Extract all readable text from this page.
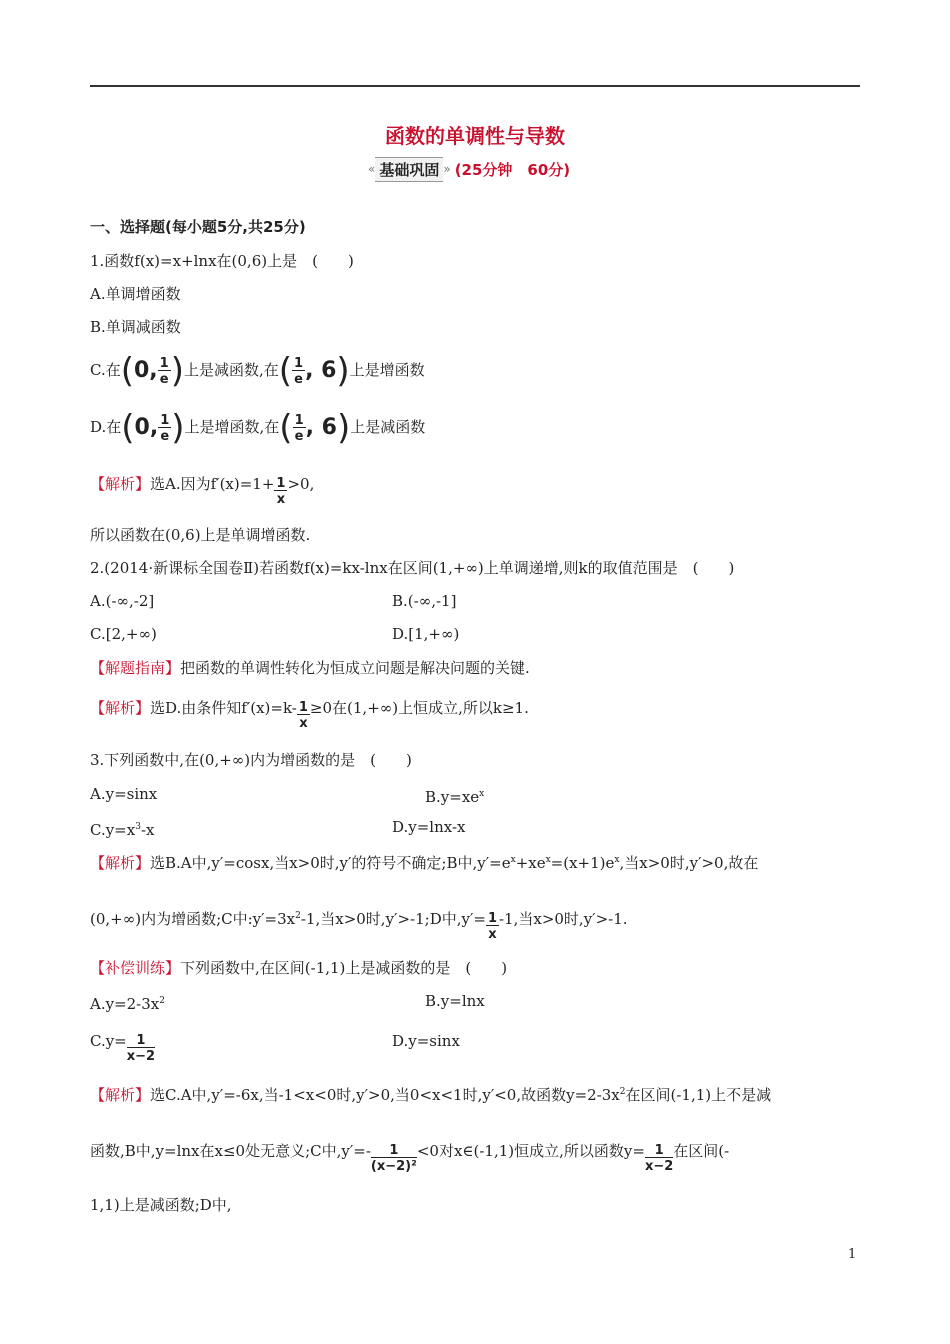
函数的单调性与导数
« 基础巩固 » (25分钟　60分)
一、选择题(每小题5分,共25分)
1.函数f(x)=x+lnx在(0,6)上是　(　　)
A.单调增函数
B.单调减函数
C.在(0, $\frac{1}{e}$ )上是减函数,在( $\frac{1}{e}$ , 6)上是增函数
D.在(0, $\frac{1}{e}$ )上是增函数,在( $\frac{1}{e}$ , 6)上是减函数
【解析】选A.因为$f'(x)=1+ \frac{1}{x} >0$,
所以函数在(0,6)上是单调增函数.
2.(2014·新课标全国卷Ⅱ)若函数f(x)=kx-lnx在区间(1,+∞)上单调递增,则k的取值范围是　(　　)
A.(-∞,-2]	B.(-∞,-1]
C.[2,+∞)	D.[1,+∞)
【解题指南】把函数的单调性转化为恒成立问题是解决问题的关键.
【解析】选D.由条件知$f'(x)=k- \frac{1}{x} \ge 0$在(1,+∞)上恒成立,所以k≥1.
3.下列函数中,在(0,+∞)内为增函数的是　(　　)
A.y=sinx	$B.y=xe^x$
$C.y=x^3-x$	D.y=lnx-x
【解析】选B.A中,y′=cosx,当x>0时,y′的符号不确定;B中$,y'=e^x+xe^x=(x+1)e^x$,当x>0时,y′>0,故在
(0,+∞)内为增函数;C中$:y'=3x^2-1$,当x>0时,y′>-1;D中$,y'= \frac{1}{x} -1$,当x>0时,y′>-1.
【补偿训练】下列函数中,在区间(-1,1)上是减函数的是　(　　)
$A.y=2-3x^2$	B.y=lnx
$C.y= \frac{1}{x-2}$	D.y=sinx
【解析】选C.A中,y′=-6x,当-1<x<0时,y′>0,当0<x<1时,y′<0,故函数$y=2-3x^2$在区间(-1,1)上不是减
函数,B中,y=lnx在x≤0处无意义;C中$,y'=- \frac{1}{\text{(x−2)²}} <0$对x∈(-1,1)恒成立,所以函数$y= \frac{1}{x-2}$ 在区间(-
1,1)上是减函数;D中,
1
